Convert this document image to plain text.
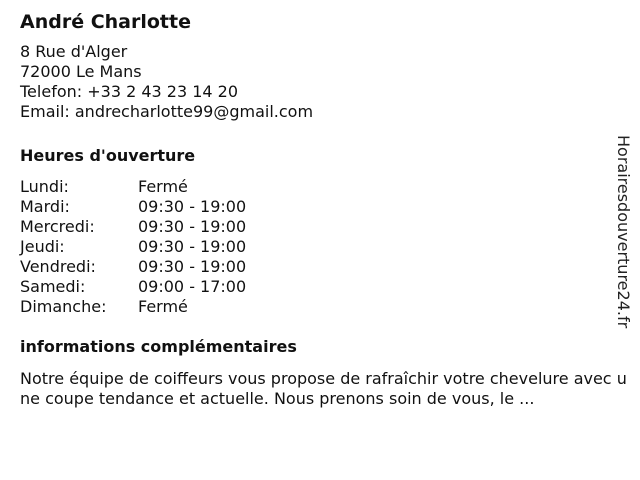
André Charlotte
8 Rue d'Alger
72000 Le Mans
Telefon: +33 2 43 23 14 20
Email: andrecharlotte99@gmail.com
Heures d'ouverture
Lundi:	Fermé
Mardi:	09:30 - 19:00
Mercredi:	09:30 - 19:00
Jeudi:	09:30 - 19:00
Vendredi:	09:30 - 19:00
Samedi:	09:00 - 17:00
Dimanche:	Fermé
informations complémentaires
Notre équipe de coiffeurs vous propose de rafraîchir votre chevelure avec une coupe tendance et actuelle. Nous prenons soin de vous, le ...
Horairesdouverture24.fr
